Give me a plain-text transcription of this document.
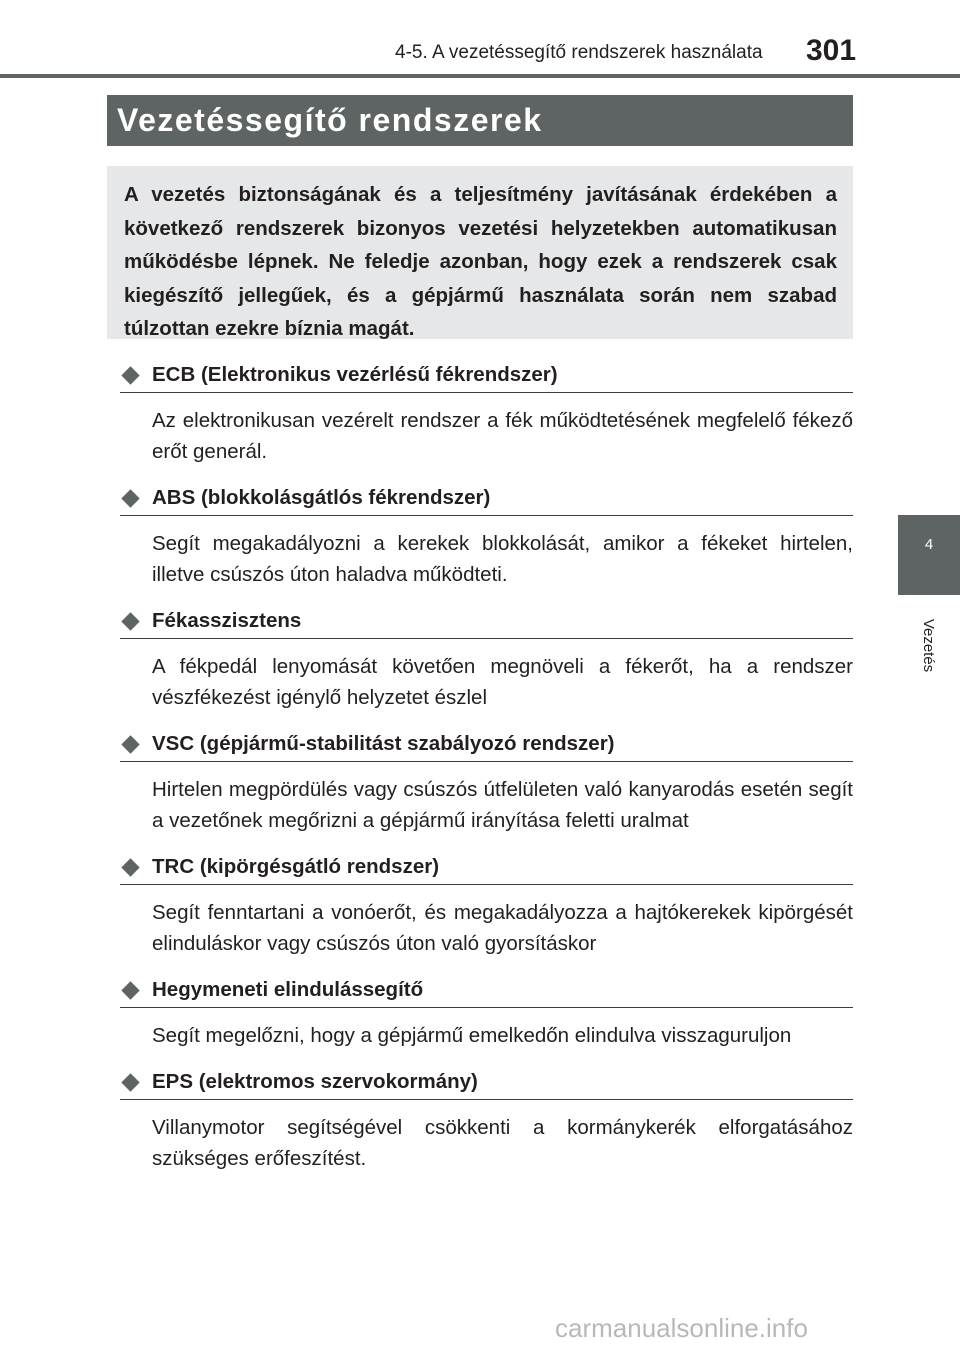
4-5. A vezetéssegítő rendszerek használata	301
Vezetéssegítő rendszerek
A vezetés biztonságának és a teljesítmény javításának érdekében a következő rendszerek bizonyos vezetési helyzetekben automatikusan működésbe lépnek. Ne feledje azonban, hogy ezek a rendszerek csak kiegészítő jellegűek, és a gépjármű használata során nem szabad túlzottan ezekre bíznia magát.
ECB (Elektronikus vezérlésű fékrendszer)
Az elektronikusan vezérelt rendszer a fék működtetésének megfelelő fékező erőt generál.
ABS (blokkolásgátlós fékrendszer)
Segít megakadályozni a kerekek blokkolását, amikor a fékeket hirtelen, illetve csúszós úton haladva működteti.
Fékasszisztens
A fékpedál lenyomását követően megnöveli a fékerőt, ha a rendszer vészfékezést igénylő helyzetet észlel
VSC (gépjármű-stabilitást szabályozó rendszer)
Hirtelen megpördülés vagy csúszós útfelületen való kanyarodás esetén segít a vezetőnek megőrizni a gépjármű irányítása feletti uralmat
TRC (kipörgésgátló rendszer)
Segít fenntartani a vonóerőt, és megakadályozza a hajtókerekek kipörgését elinduláskor vagy csúszós úton való gyorsításkor
Hegymeneti elindulássegítő
Segít megelőzni, hogy a gépjármű emelkedőn elindulva visszaguruljon
EPS (elektromos szervokormány)
Villanymotor segítségével csökkenti a kormánykerék elforgatásához szükséges erőfeszítést.
4
Vezetés
carmanualsonline.info
